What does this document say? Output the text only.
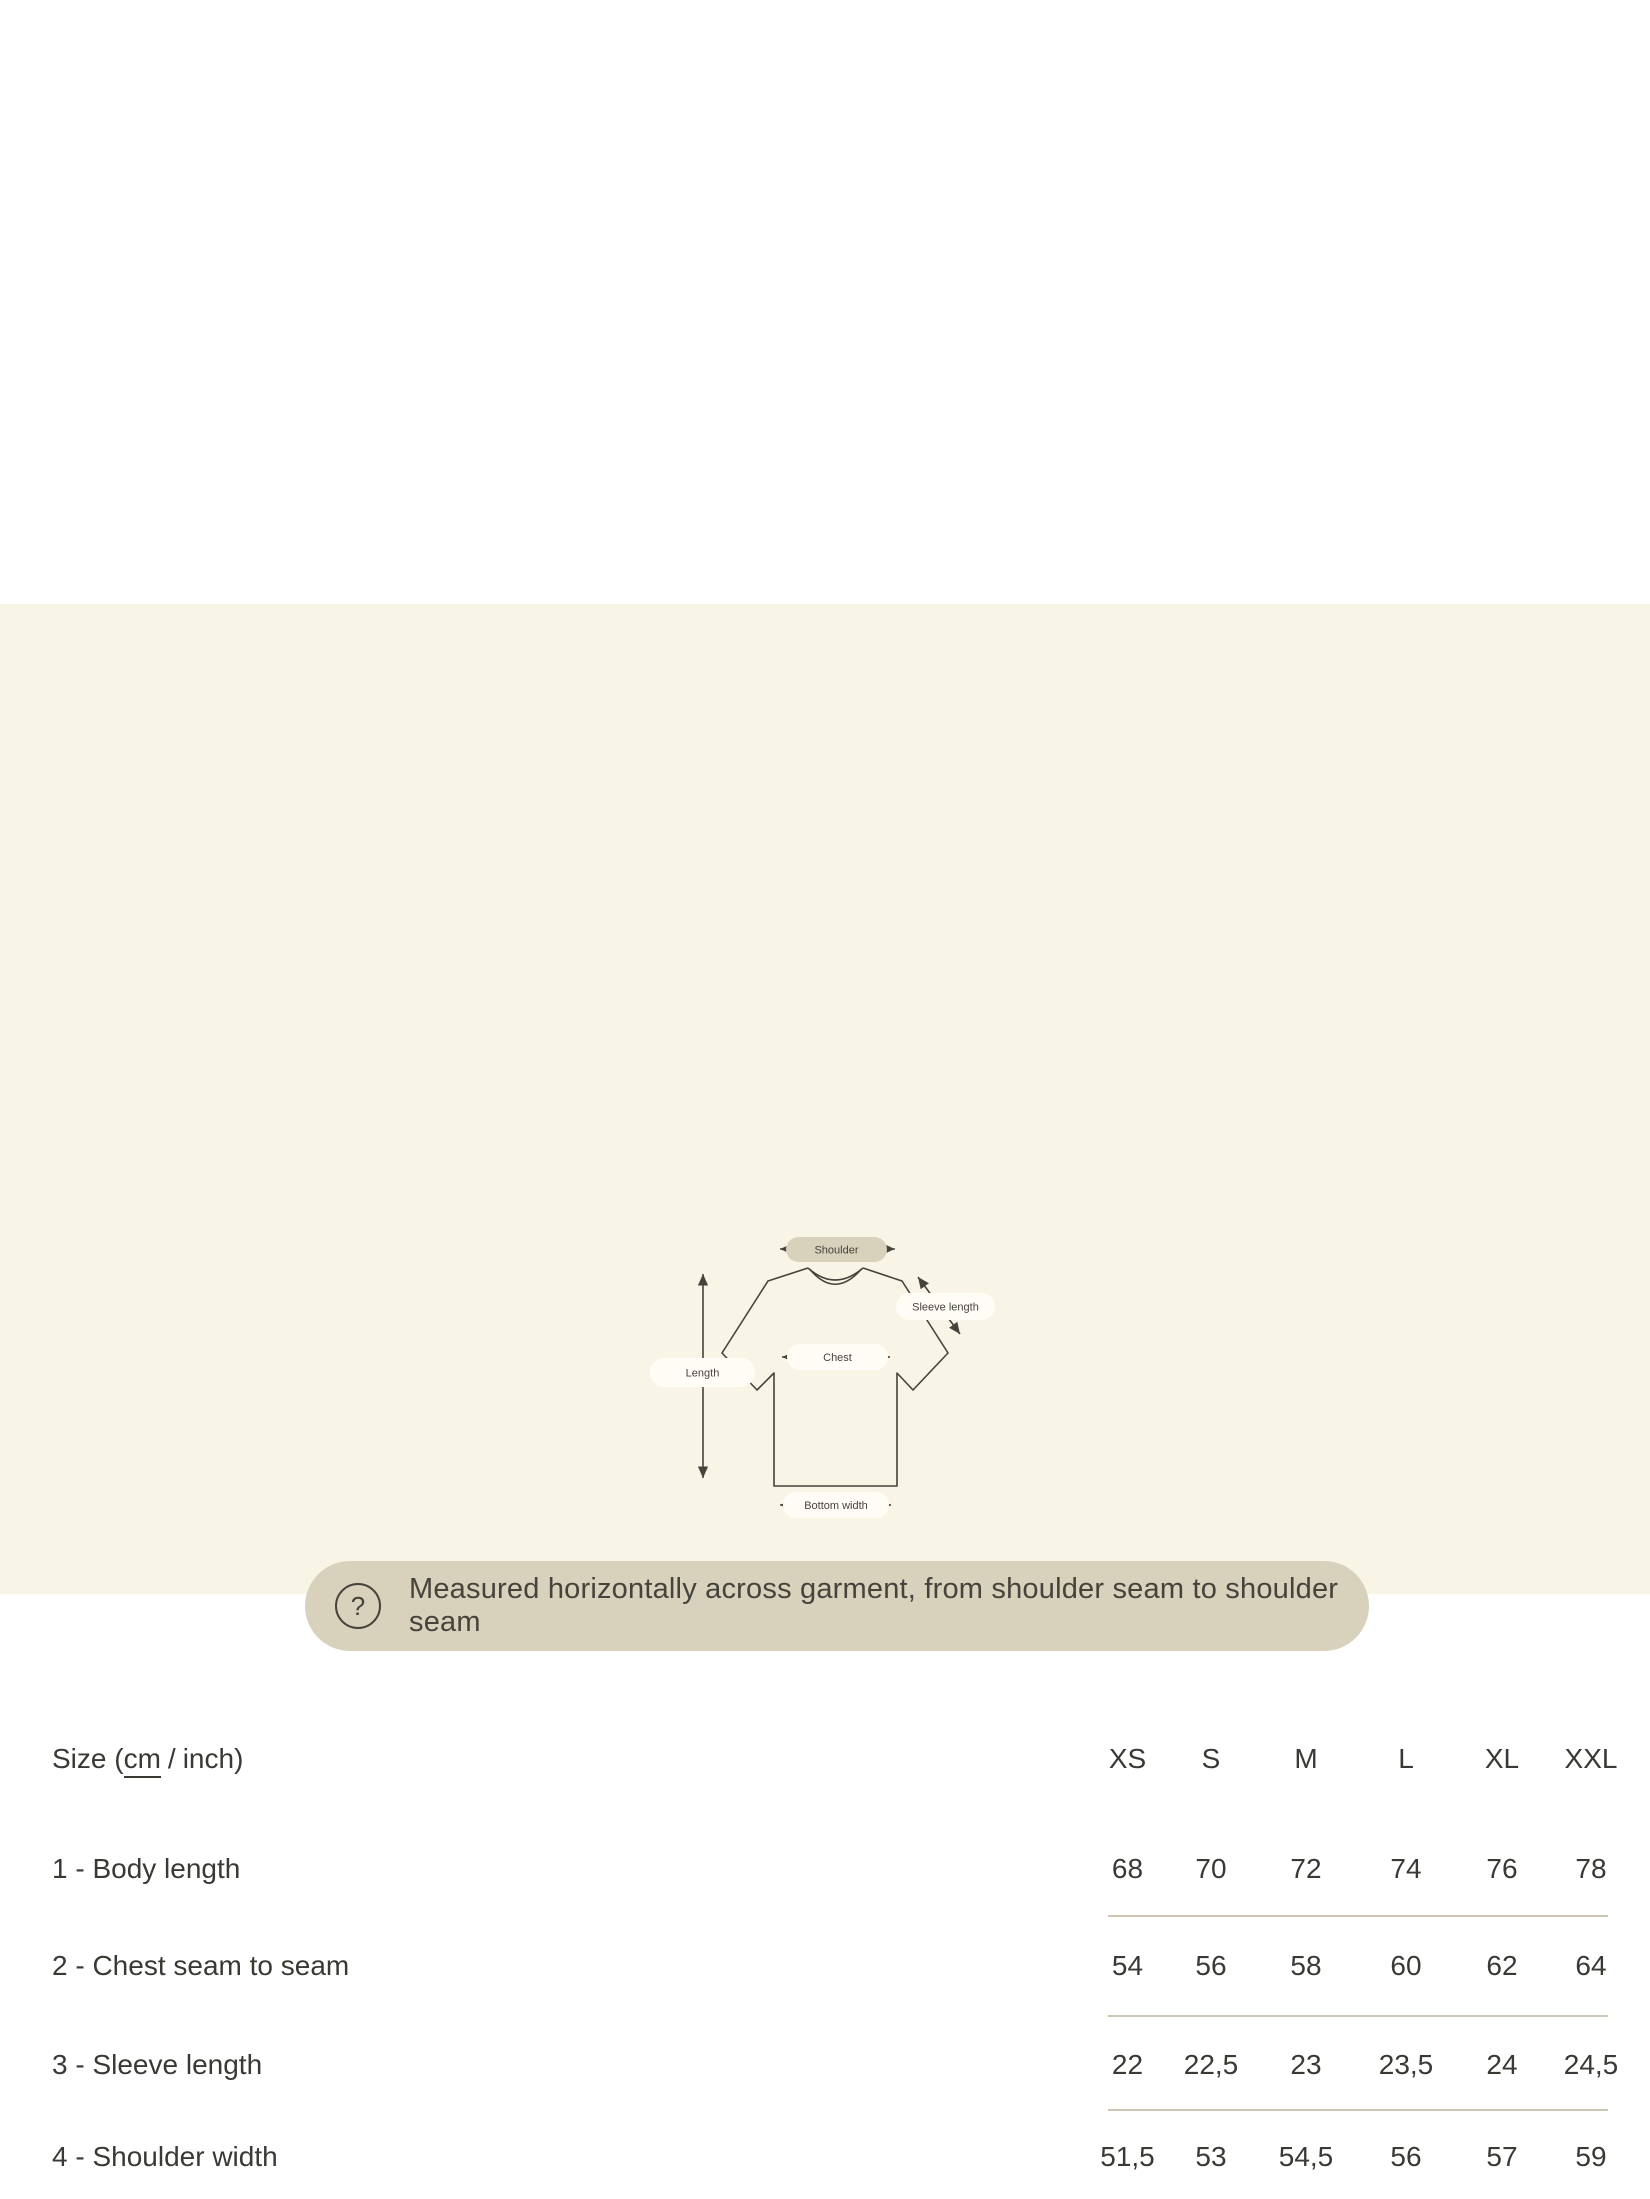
Shoulder
Sleeve length
Chest
Length
Bottom width
?
Measured horizontally across garment, from shoulder seam to shoulder seam
Size (cm / inch)	XS	S	M	L	XL	XXL
1 - Body length	68	70	72	74	76	78
2 - Chest seam to seam	54	56	58	60	62	64
3 - Sleeve length	22	22,5	23	23,5	24	24,5
4 - Shoulder width	51,5	53	54,5	56	57	59
